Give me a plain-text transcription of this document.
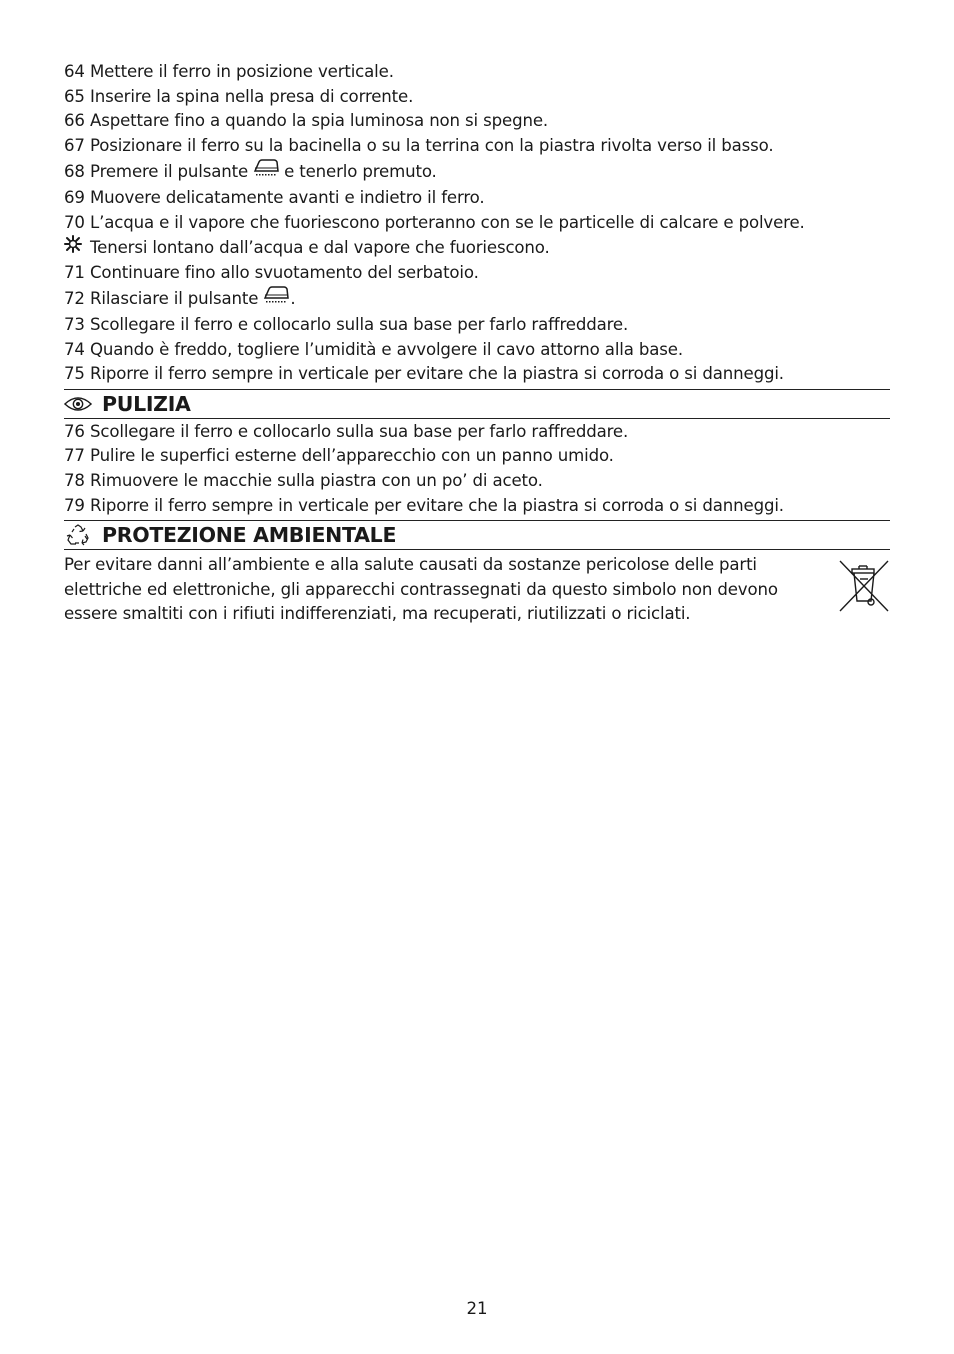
64 Mettere il ferro in posizione verticale.
65 Inserire la spina nella presa di corrente.
66 Aspettare fino a quando la spia luminosa non si spegne.
67 Posizionare il ferro su la bacinella o su la terrina con la piastra rivolta verso il basso.
68 Premere il pulsante e tenerlo premuto.
69 Muovere delicatamente avanti e indietro il ferro.
70 L’acqua e il vapore che fuoriescono porteranno con se le particelle di calcare e polvere.
Tenersi lontano dall’acqua e dal vapore che fuoriescono.
71 Continuare fino allo svuotamento del serbatoio.
72 Rilasciare il pulsante .
73 Scollegare il ferro e collocarlo sulla sua base per farlo raffreddare.
74 Quando è freddo, togliere l’umidità e avvolgere il cavo attorno alla base.
75 Riporre il ferro sempre in verticale per evitare che la piastra si corroda o si danneggi.
PULIZIA
76 Scollegare il ferro e collocarlo sulla sua base per farlo raffreddare.
77 Pulire le superfici esterne dell’apparecchio con un panno umido.
78 Rimuovere le macchie sulla piastra con un po’ di aceto.
79 Riporre il ferro sempre in verticale per evitare che la piastra si corroda o si danneggi.
PROTEZIONE AMBIENTALE
Per evitare danni all’ambiente e alla salute causati da sostanze pericolose delle parti elettriche ed elettroniche, gli apparecchi contrassegnati da questo simbolo non devono essere smaltiti con i rifiuti indifferenziati, ma recuperati, riutilizzati o riciclati.
21
